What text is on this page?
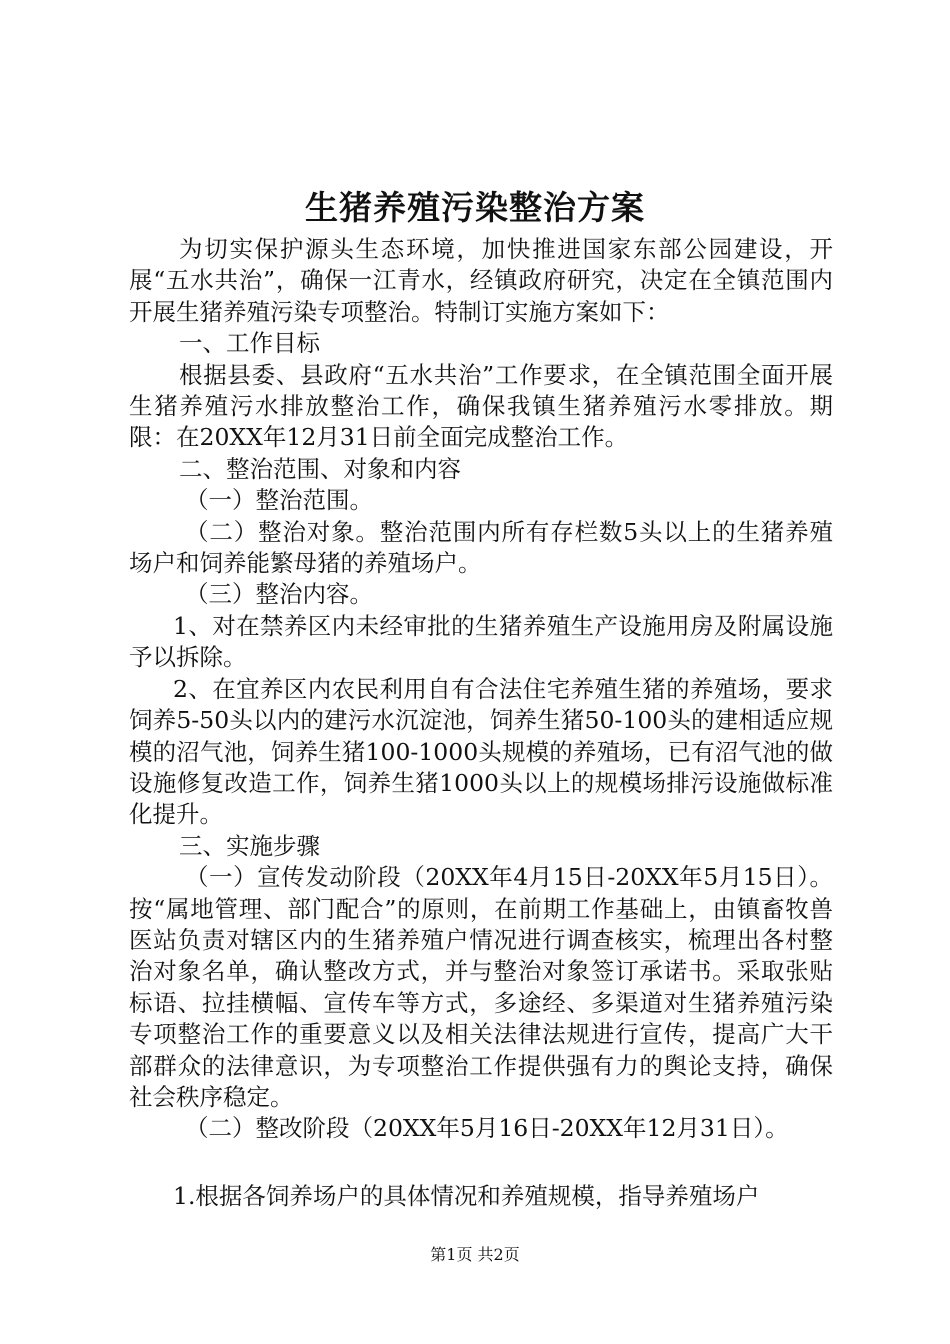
生猪养殖污染整治方案

为切实保护源头生态环境，加快推进国家东部公园建设，开展“五水共治”，确保一江青水，经镇政府研究，决定在全镇范围内开展生猪养殖污染专项整治。特制订实施方案如下：

一、工作目标

根据县委、县政府“五水共治”工作要求，在全镇范围全面开展生猪养殖污水排放整治工作，确保我镇生猪养殖污水零排放。期限：在20XX年12月31日前全面完成整治工作。

二、整治范围、对象和内容

（一）整治范围。

（二）整治对象。整治范围内所有存栏数5头以上的生猪养殖场户和饲养能繁母猪的养殖场户。

（三）整治内容。

1、对在禁养区内未经审批的生猪养殖生产设施用房及附属设施予以拆除。

2、在宜养区内农民利用自有合法住宅养殖生猪的养殖场，要求饲养5-50头以内的建污水沉淀池，饲养生猪50-100头的建相适应规模的沼气池，饲养生猪100-1000头规模的养殖场，已有沼气池的做设施修复改造工作，饲养生猪1000头以上的规模场排污设施做标准化提升。

三、实施步骤

（一）宣传发动阶段（20XX年4月15日-20XX年5月15日）。按“属地管理、部门配合”的原则，在前期工作基础上，由镇畜牧兽医站负责对辖区内的生猪养殖户情况进行调查核实，梳理出各村整治对象名单，确认整改方式，并与整治对象签订承诺书。采取张贴标语、拉挂横幅、宣传车等方式，多途经、多渠道对生猪养殖污染专项整治工作的重要意义以及相关法律法规进行宣传，提高广大干部群众的法律意识，为专项整治工作提供强有力的舆论支持，确保社会秩序稳定。

（二）整改阶段（20XX年5月16日-20XX年12月31日）。

1.根据各饲养场户的具体情况和养殖规模，指导养殖场户

第1页 共2页
